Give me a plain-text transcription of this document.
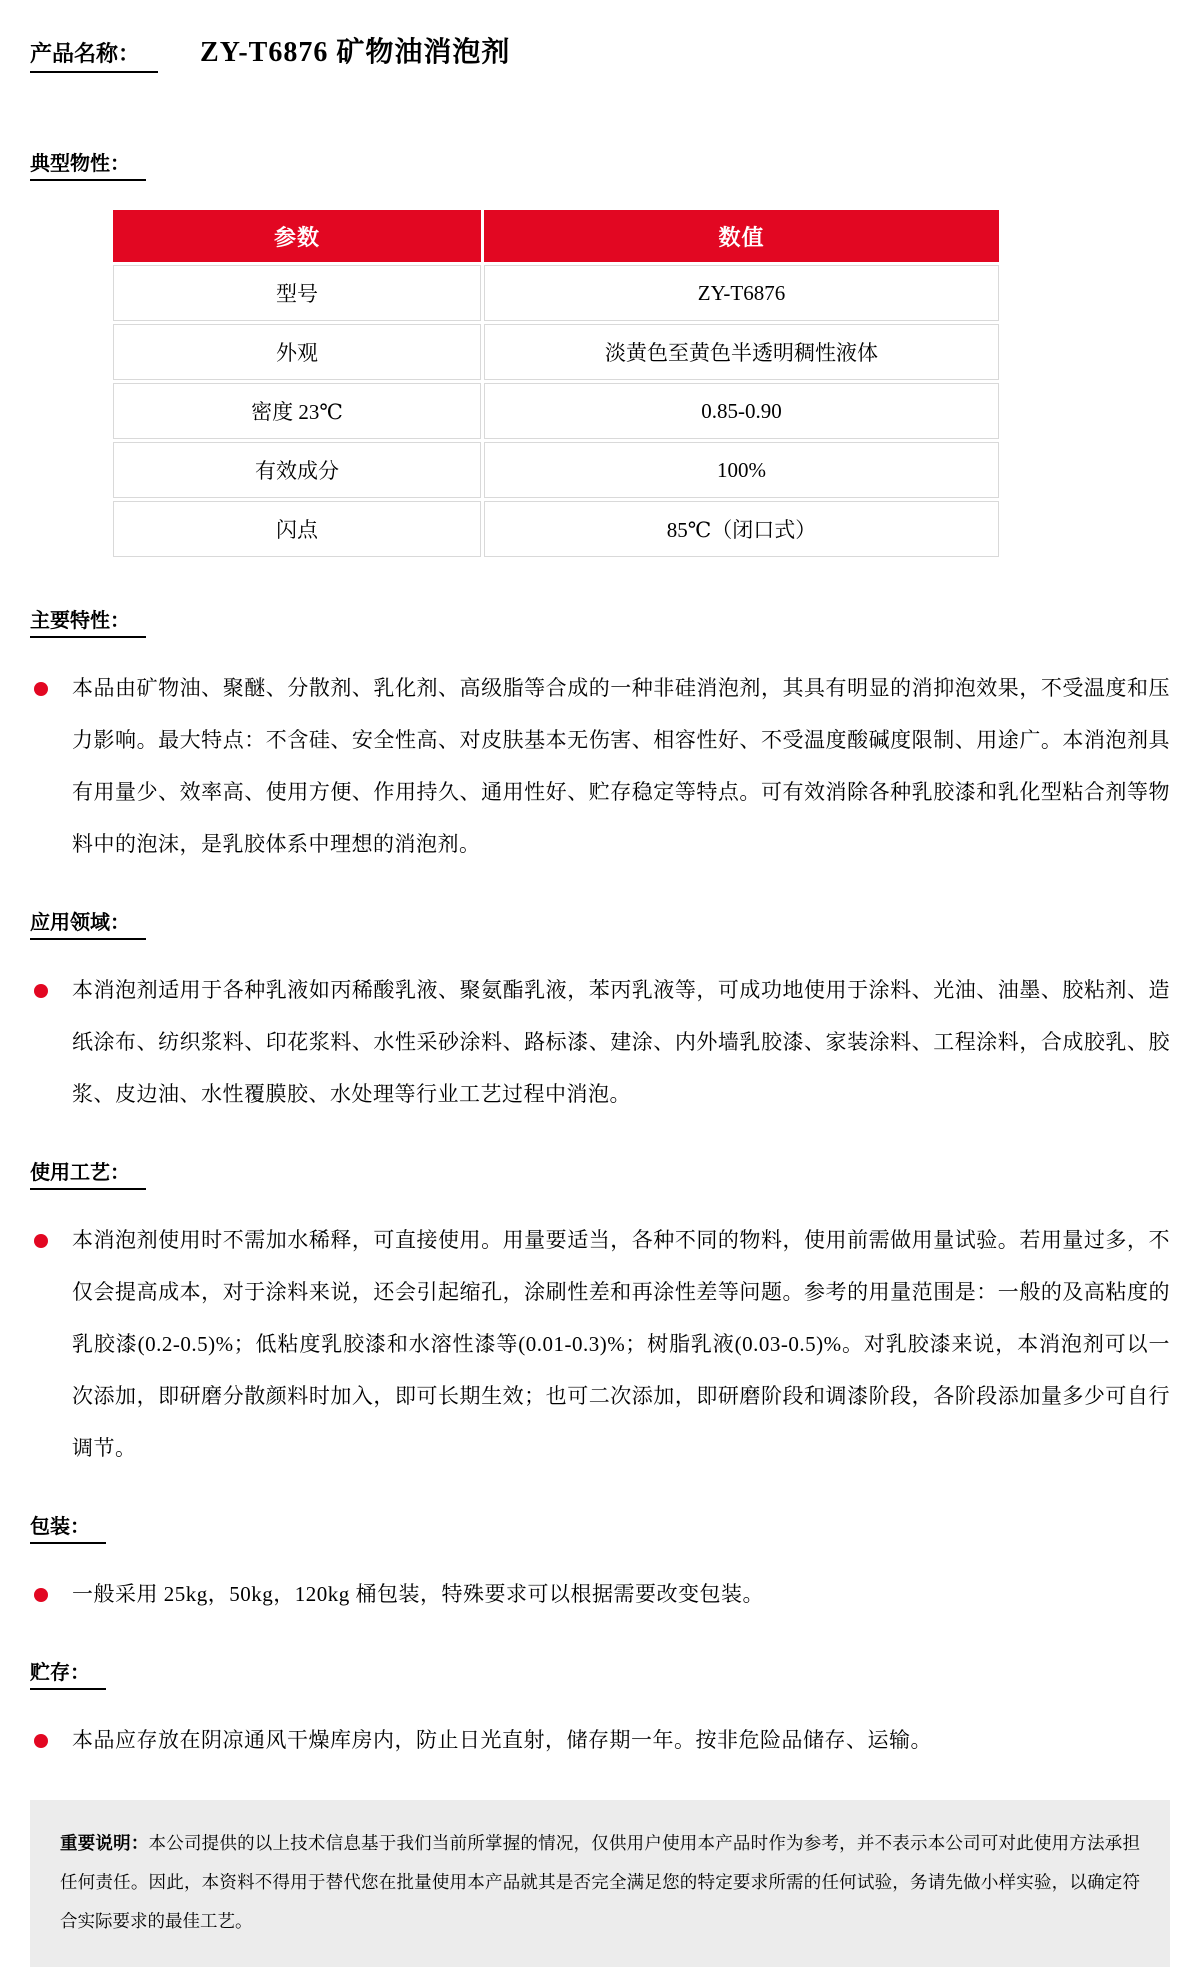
产品名称：	ZY-T6876 矿物油消泡剂
典型物性：
参数	数值
型号	ZY-T6876
外观	淡黄色至黄色半透明稠性液体
密度 23℃	0.85-0.90
有效成分	100%
闪点	85℃（闭口式）
主要特性：

本品由矿物油、聚醚、分散剂、乳化剂、高级脂等合成的一种非硅消泡剂，其具有明显的消抑泡效果，不受温度和压力影响。最大特点：不含硅、安全性高、对皮肤基本无伤害、相容性好、不受温度酸碱度限制、用途广。本消泡剂具有用量少、效率高、使用方便、作用持久、通用性好、贮存稳定等特点。可有效消除各种乳胶漆和乳化型粘合剂等物料中的泡沫，是乳胶体系中理想的消泡剂。

应用领域：

本消泡剂适用于各种乳液如丙稀酸乳液、聚氨酯乳液，苯丙乳液等，可成功地使用于涂料、光油、油墨、胶粘剂、造纸涂布、纺织浆料、印花浆料、水性采砂涂料、路标漆、建涂、内外墙乳胶漆、家装涂料、工程涂料，合成胶乳、胶浆、皮边油、水性覆膜胶、水处理等行业工艺过程中消泡。

使用工艺：

本消泡剂使用时不需加水稀释，可直接使用。用量要适当，各种不同的物料，使用前需做用量试验。若用量过多，不仅会提高成本，对于涂料来说，还会引起缩孔，涂刷性差和再涂性差等问题。参考的用量范围是：一般的及高粘度的乳胶漆(0.2-0.5)%；低粘度乳胶漆和水溶性漆等(0.01-0.3)%；树脂乳液(0.03-0.5)%。对乳胶漆来说，本消泡剂可以一次添加，即研磨分散颜料时加入，即可长期生效；也可二次添加，即研磨阶段和调漆阶段，各阶段添加量多少可自行调节。

包装：

一般采用 25kg，50kg，120kg 桶包装，特殊要求可以根据需要改变包装。

贮存：

本品应存放在阴凉通风干燥库房内，防止日光直射，储存期一年。按非危险品储存、运输。

重要说明：本公司提供的以上技术信息基于我们当前所掌握的情况，仅供用户使用本产品时作为参考，并不表示本公司可对此使用方法承担任何责任。因此，本资料不得用于替代您在批量使用本产品就其是否完全满足您的特定要求所需的任何试验，务请先做小样实验，以确定符合实际要求的最佳工艺。
